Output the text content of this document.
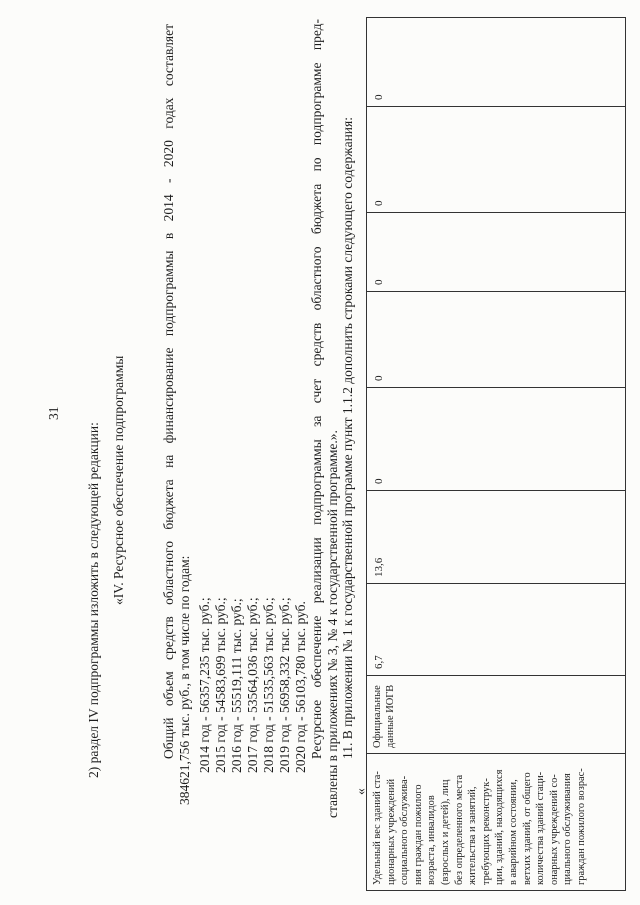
31
2) раздел IV подпрограммы изложить в следующей редакции: «IV. Ресурсное обеспечение подпрограммы	Общий объем средств областного бюджета на финансирование подпрограммы в 2014 - 2020 годах составляет 384621,756 тыс. руб., в том числе по годам: 2014 год - 56357,235 тыс. руб.; 2015 год - 54583,699 тыс. руб.; 2016 год - 55519,111 тыс. руб.; 2017 год - 53564,036 тыс. руб.; 2018 год - 51535,563 тыс. руб.; 2019 год - 56958,332 тыс. руб.; 2020 год - 56103,780 тыс. руб. Ресурсное обеспечение реализации подпрограммы за счет средств областного бюджета по подпрограмме пред- ставлены в приложениях № 3, № 4 к государственной программе.». 11. В приложении № 1 к государственной программе пункт 1.1.2 дополнить строками следующего содержания:
« Удельный вес зданий ста- ционарных учреждений социального обслужива- ния граждан пожилого возраста, инвалидов (взрослых и детей), лиц без определенного места жительства и занятий, требующих реконструк- ции, зданий, находящихся в аварийном состоянии, ветхих зданий, от общего количества зданий стаци- онарных учреждений со- циального обслуживания граждан пожилого возрас-
Официальные данные ИОГВ
6,7
13,6
0
0
0
0
0
